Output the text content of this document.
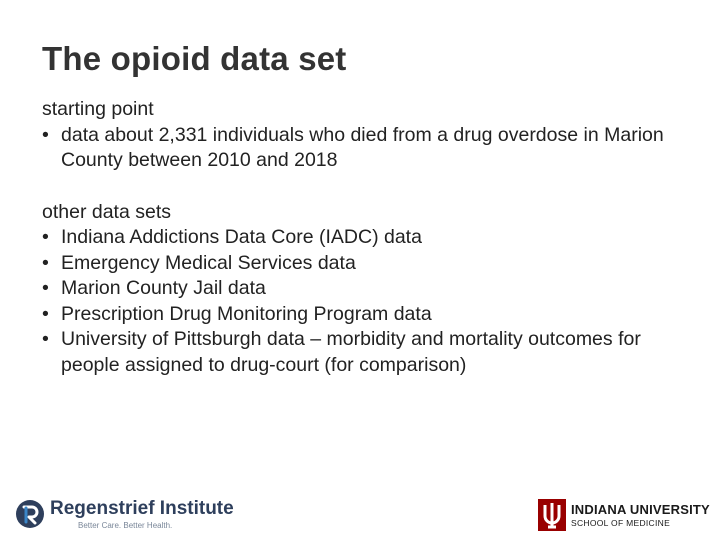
The opioid data set

starting point

• data about 2,331 individuals who died from a drug overdose in Marion County between 2010 and 2018

other data sets

• Indiana Addictions Data Core (IADC) data
• Emergency Medical Services data
• Marion County Jail data
• Prescription Drug Monitoring Program data
• University of Pittsburgh data – morbidity and mortality outcomes for people assigned to drug-court (for comparison)
Regenstrief Institute
Better Care. Better Health.
INDIANA UNIVERSITY
SCHOOL OF MEDICINE
